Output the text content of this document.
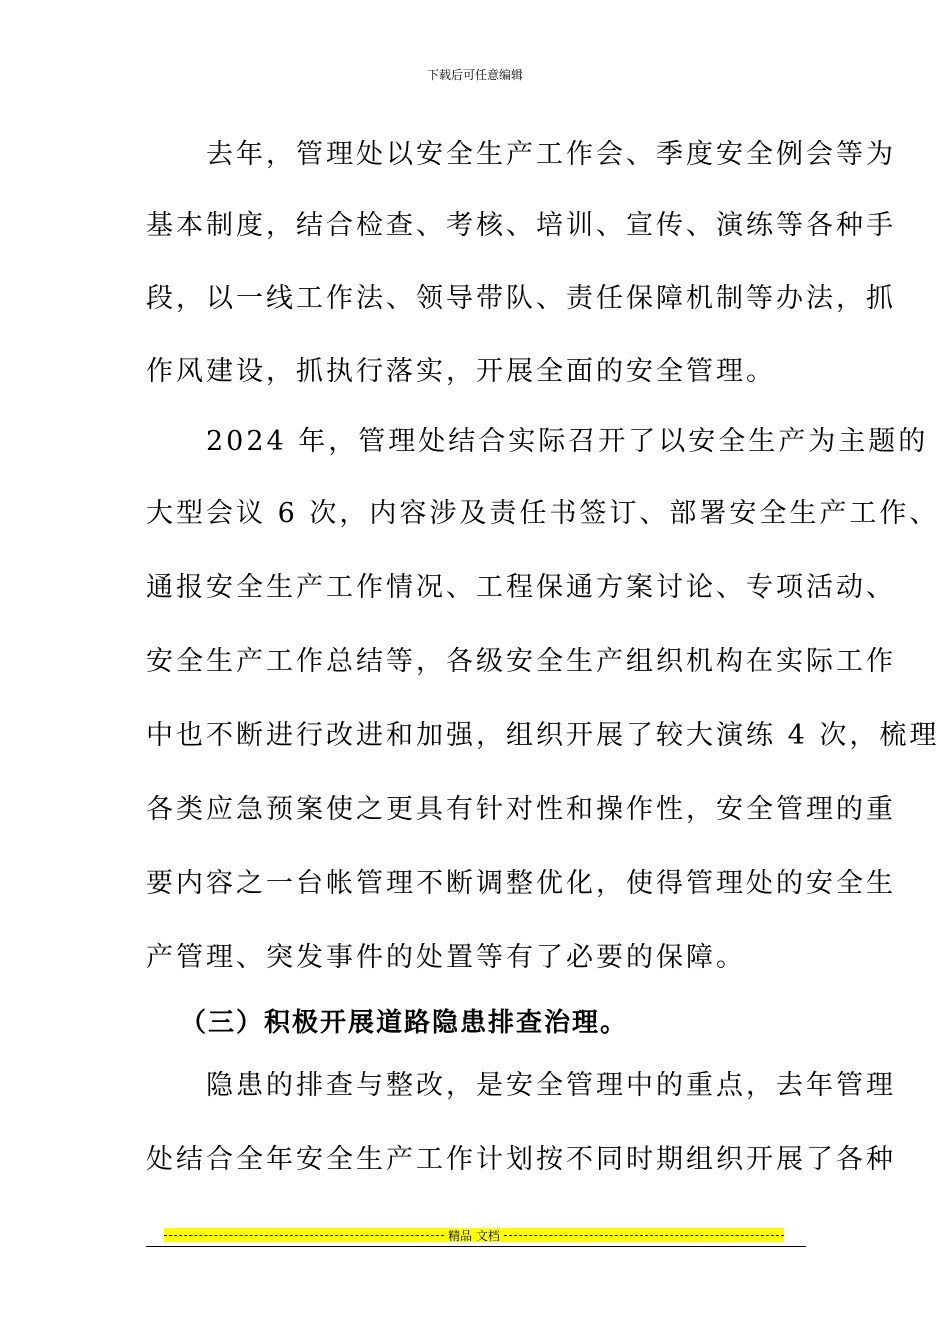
下载后可任意编辑
　　去年，管理处以安全生产工作会、季度安全例会等为
基本制度，结合检查、考核、培训、宣传、演练等各种手
段，以一线工作法、领导带队、责任保障机制等办法，抓
作风建设，抓执行落实，开展全面的安全管理。
　　2024 年，管理处结合实际召开了以安全生产为主题的
大型会议 6 次，内容涉及责任书签订、部署安全生产工作、
通报安全生产工作情况、工程保通方案讨论、专项活动、
安全生产工作总结等，各级安全生产组织机构在实际工作
中也不断进行改进和加强，组织开展了较大演练 4 次，梳理
各类应急预案使之更具有针对性和操作性，安全管理的重
要内容之一台帐管理不断调整优化，使得管理处的安全生
产管理、突发事件的处置等有了必要的保障。
（三）积极开展道路隐患排查治理。
　　隐患的排查与整改，是安全管理中的重点，去年管理
处结合全年安全生产工作计划按不同时期组织开展了各种
精品 文档
